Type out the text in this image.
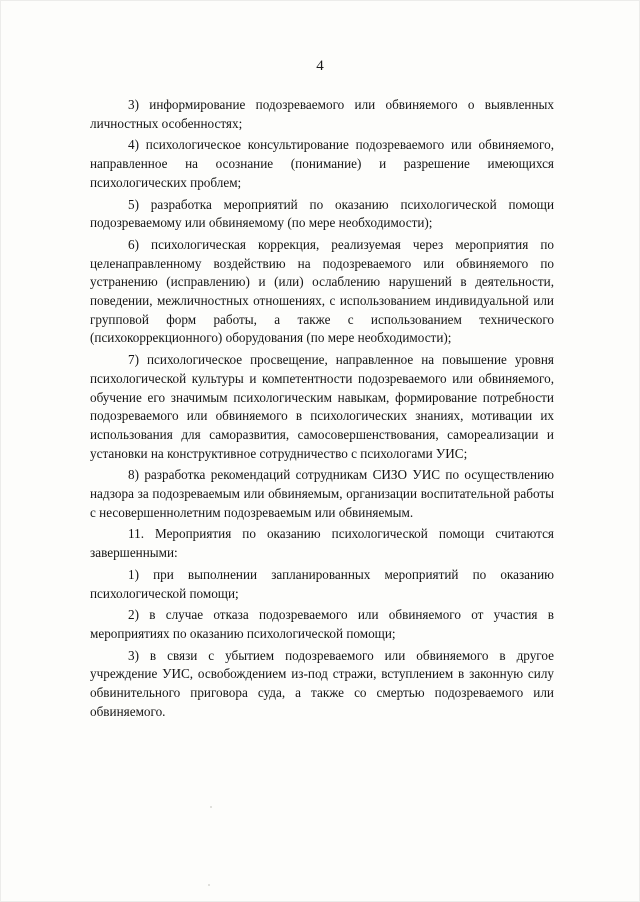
4

3) информирование подозреваемого или обвиняемого о выявленных личностных особенностях;

4) психологическое консультирование подозреваемого или обвиняемого, направленное на осознание (понимание) и разрешение имеющихся психологических проблем;

5) разработка мероприятий по оказанию психологической помощи подозреваемому или обвиняемому (по мере необходимости);

6) психологическая коррекция, реализуемая через мероприятия по целенаправленному воздействию на подозреваемого или обвиняемого по устранению (исправлению) и (или) ослаблению нарушений в деятельности, поведении, межличностных отношениях, с использованием индивидуальной или групповой форм работы, а также с использованием технического (психокоррекционного) оборудования (по мере необходимости);

7) психологическое просвещение, направленное на повышение уровня психологической культуры и компетентности подозреваемого или обвиняемого, обучение его значимым психологическим навыкам, формирование потребности подозреваемого или обвиняемого в психологических знаниях, мотивации их использования для саморазвития, самосовершенствования, самореализации и установки на конструктивное сотрудничество с психологами УИС;

8) разработка рекомендаций сотрудникам СИЗО УИС по осуществлению надзора за подозреваемым или обвиняемым, организации воспитательной работы с несовершеннолетним подозреваемым или обвиняемым.

11. Мероприятия по оказанию психологической помощи считаются завершенными:

1) при выполнении запланированных мероприятий по оказанию психологической помощи;

2) в случае отказа подозреваемого или обвиняемого от участия в мероприятиях по оказанию психологической помощи;

3) в связи с убытием подозреваемого или обвиняемого в другое учреждение УИС, освобождением из-под стражи, вступлением в законную силу обвинительного приговора суда, а также со смертью подозреваемого или обвиняемого.
